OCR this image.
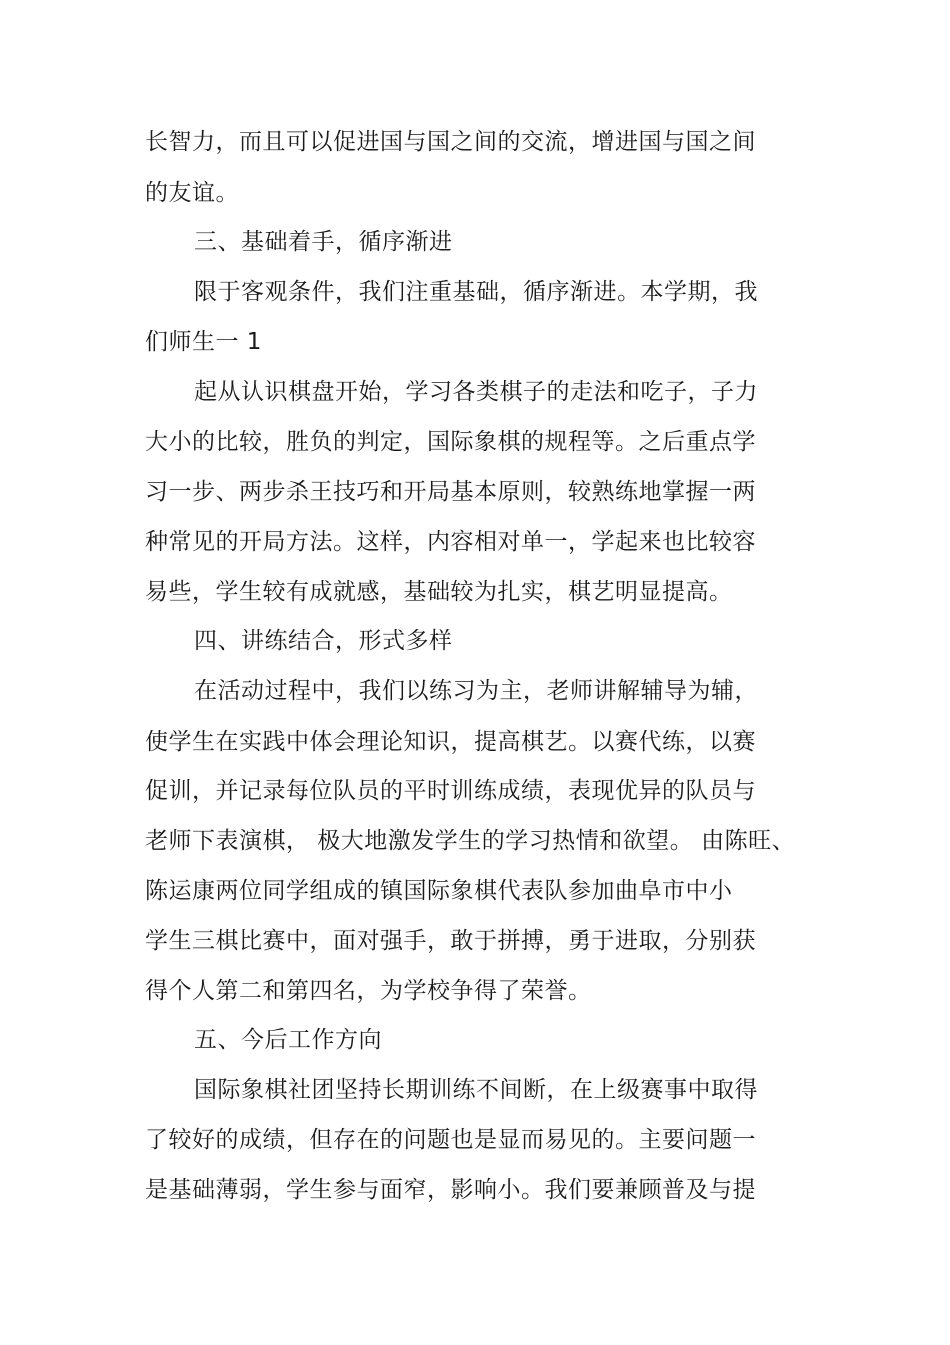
长智力，而且可以促进国与国之间的交流，增进国与国之间
的友谊。
三、基础着手，循序渐进
限于客观条件，我们注重基础，循序渐进。本学期，我
们师生一 1
起从认识棋盘开始，学习各类棋子的走法和吃子，子力
大小的比较，胜负的判定，国际象棋的规程等。之后重点学
习一步、两步杀王技巧和开局基本原则，较熟练地掌握一两
种常见的开局方法。这样，内容相对单一，学起来也比较容
易些，学生较有成就感，基础较为扎实，棋艺明显提高。
四、讲练结合，形式多样
在活动过程中，我们以练习为主，老师讲解辅导为辅，
使学生在实践中体会理论知识，提高棋艺。以赛代练，以赛
促训，并记录每位队员的平时训练成绩，表现优异的队员与
老师下表演棋， 极大地激发学生的学习热情和欲望。 由陈旺、
陈运康两位同学组成的镇国际象棋代表队参加曲阜市中小
学生三棋比赛中，面对强手，敢于拼搏，勇于进取，分别获
得个人第二和第四名，为学校争得了荣誉。
五、今后工作方向
国际象棋社团坚持长期训练不间断，在上级赛事中取得
了较好的成绩，但存在的问题也是显而易见的。主要问题一
是基础薄弱，学生参与面窄，影响小。我们要兼顾普及与提
